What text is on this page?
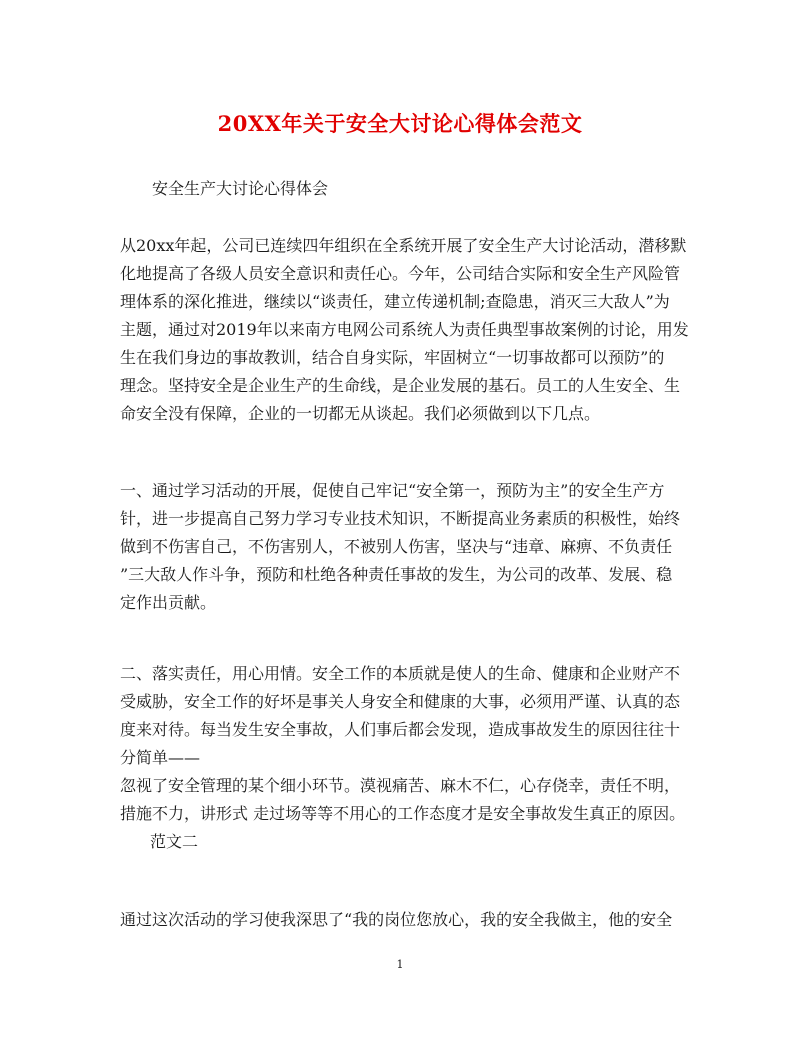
20XX年关于安全大讨论心得体会范文

安全生产大讨论心得体会

从20xx年起，公司已连续四年组织在全系统开展了安全生产大讨论活动，潜移默
化地提高了各级人员安全意识和责任心。今年，公司结合实际和安全生产风险管
理体系的深化推进，继续以“谈责任，建立传递机制;查隐患，消灭三大敌人”为
主题，通过对2019年以来南方电网公司系统人为责任典型事故案例的讨论，用发
生在我们身边的事故教训，结合自身实际，牢固树立“一切事故都可以预防”的
理念。坚持安全是企业生产的生命线，是企业发展的基石。员工的人生安全、生
命安全没有保障，企业的一切都无从谈起。我们必须做到以下几点。

一、通过学习活动的开展，促使自己牢记“安全第一，预防为主”的安全生产方
针，进一步提高自己努力学习专业技术知识，不断提高业务素质的积极性，始终
做到不伤害自己，不伤害别人，不被别人伤害，坚决与“违章、麻痹、不负责任
”三大敌人作斗争，预防和杜绝各种责任事故的发生，为公司的改革、发展、稳
定作出贡献。

二、落实责任，用心用情。安全工作的本质就是使人的生命、健康和企业财产不
受威胁，安全工作的好坏是事关人身安全和健康的大事，必须用严谨、认真的态
度来对待。每当发生安全事故，人们事后都会发现，造成事故发生的原因往往十
分简单——
忽视了安全管理的某个细小环节。漠视痛苦、麻木不仁，心存侥幸，责任不明，
措施不力，讲形式 走过场等等不用心的工作态度才是安全事故发生真正的原因。
范文二

通过这次活动的学习使我深思了“我的岗位您放心，我的安全我做主，他的安全

1
